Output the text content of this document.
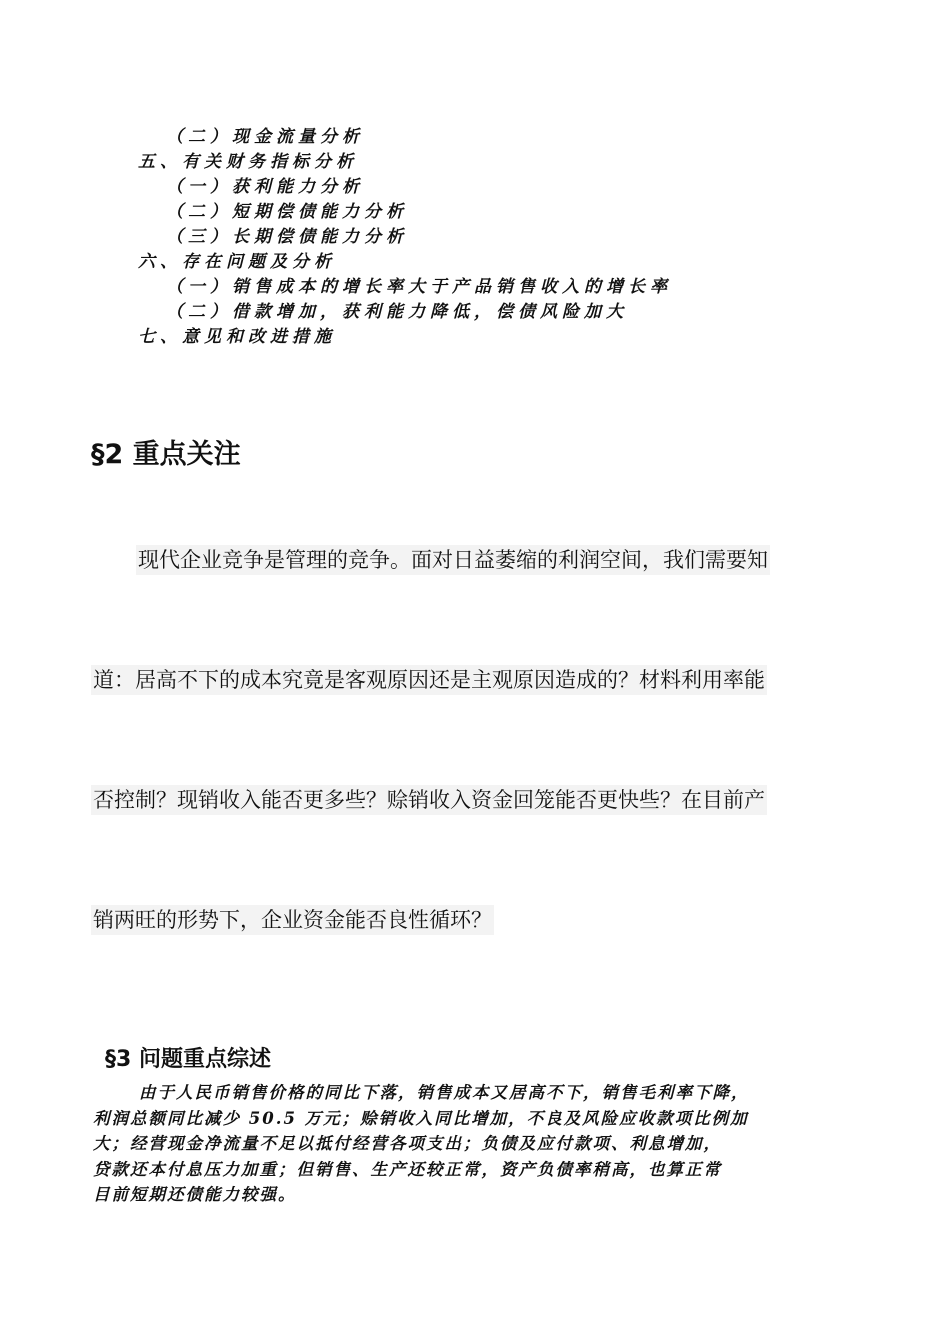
（二）现金流量分析
五、有关财务指标分析
（一）获利能力分析
（二）短期偿债能力分析
（三）长期偿债能力分析
六、存在问题及分析
（一）销售成本的增长率大于产品销售收入的增长率
（二）借款增加，获利能力降低，偿债风险加大
七、意见和改进措施
§2 重点关注
现代企业竞争是管理的竞争。面对日益萎缩的利润空间，我们需要知
道：居高不下的成本究竟是客观原因还是主观原因造成的？材料利用率能
否控制？现销收入能否更多些？赊销收入资金回笼能否更快些？在目前产
销两旺的形势下，企业资金能否良性循环？
§3 问题重点综述
由于人民币销售价格的同比下落，销售成本又居高不下，销售毛利率下降，
利润总额同比减少 50.5 万元；赊销收入同比增加，不良及风险应收款项比例加
大；经营现金净流量不足以抵付经营各项支出；负债及应付款项、利息增加，
贷款还本付息压力加重；但销售、生产还较正常，资产负债率稍高，也算正常
目前短期还债能力较强。
